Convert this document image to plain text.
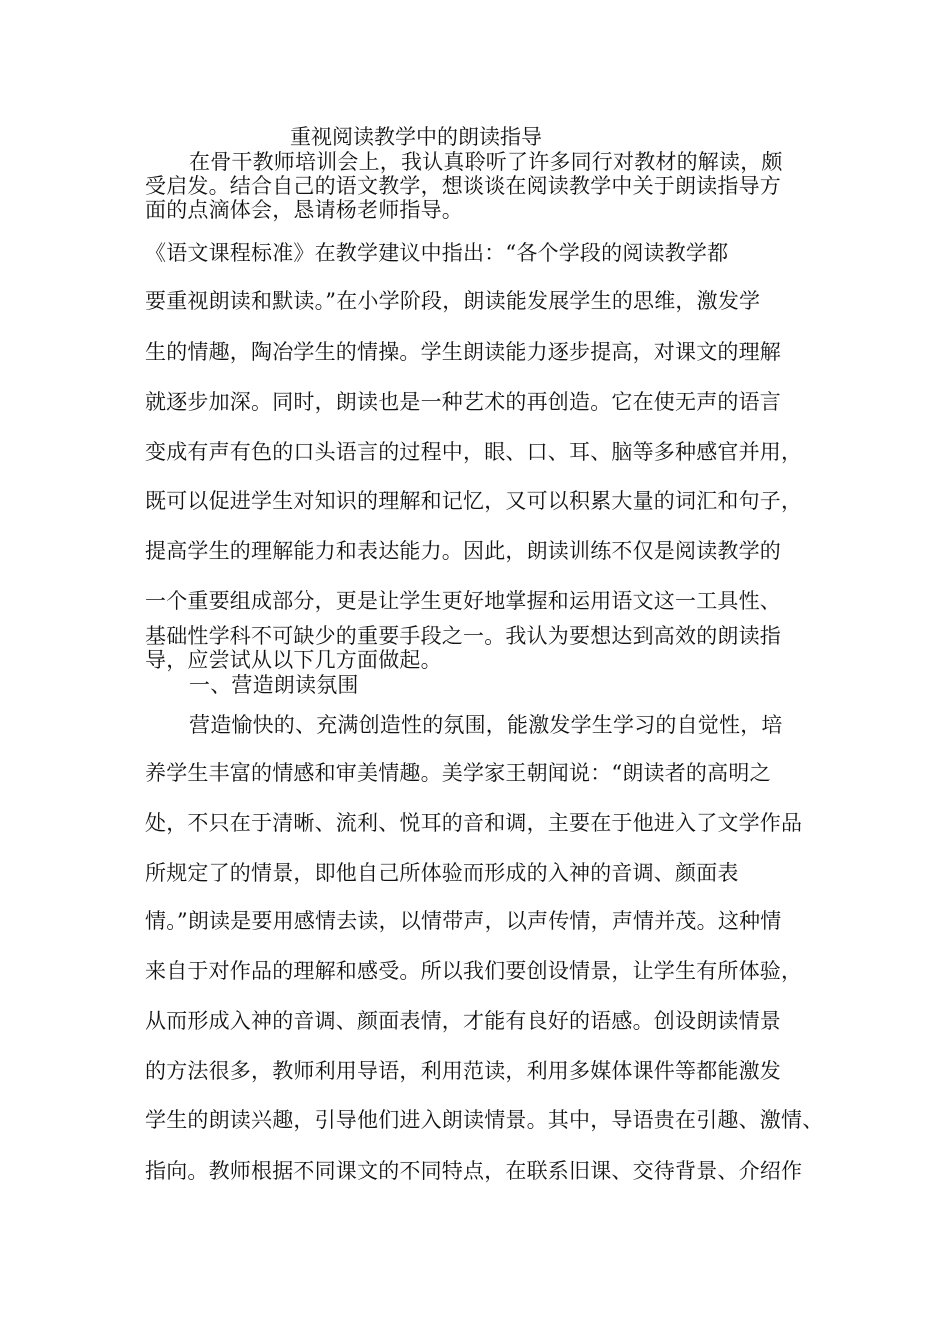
重视阅读教学中的朗读指导
在骨干教师培训会上，我认真聆听了许多同行对教材的解读，颇
受启发。结合自己的语文教学，想谈谈在阅读教学中关于朗读指导方
面的点滴体会，恳请杨老师指导。
《语文课程标准》在教学建议中指出：“各个学段的阅读教学都
要重视朗读和默读。”在小学阶段，朗读能发展学生的思维，激发学
生的情趣，陶冶学生的情操。学生朗读能力逐步提高，对课文的理解
就逐步加深。同时，朗读也是一种艺术的再创造。它在使无声的语言
变成有声有色的口头语言的过程中，眼、口、耳、脑等多种感官并用，
既可以促进学生对知识的理解和记忆，又可以积累大量的词汇和句子，
提高学生的理解能力和表达能力。因此，朗读训练不仅是阅读教学的
一个重要组成部分，更是让学生更好地掌握和运用语文这一工具性、
基础性学科不可缺少的重要手段之一。我认为要想达到高效的朗读指
导，应尝试从以下几方面做起。
一、营造朗读氛围
营造愉快的、充满创造性的氛围，能激发学生学习的自觉性，培
养学生丰富的情感和审美情趣。美学家王朝闻说：“朗读者的高明之
处，不只在于清晰、流利、悦耳的音和调，主要在于他进入了文学作品
所规定了的情景，即他自己所体验而形成的入神的音调、颜面表
情。”朗读是要用感情去读，以情带声，以声传情，声情并茂。这种情
来自于对作品的理解和感受。所以我们要创设情景，让学生有所体验，
从而形成入神的音调、颜面表情，才能有良好的语感。创设朗读情景
的方法很多，教师利用导语，利用范读，利用多媒体课件等都能激发
学生的朗读兴趣，引导他们进入朗读情景。其中，导语贵在引趣、激情、
指向。教师根据不同课文的不同特点，在联系旧课、交待背景、介绍作
